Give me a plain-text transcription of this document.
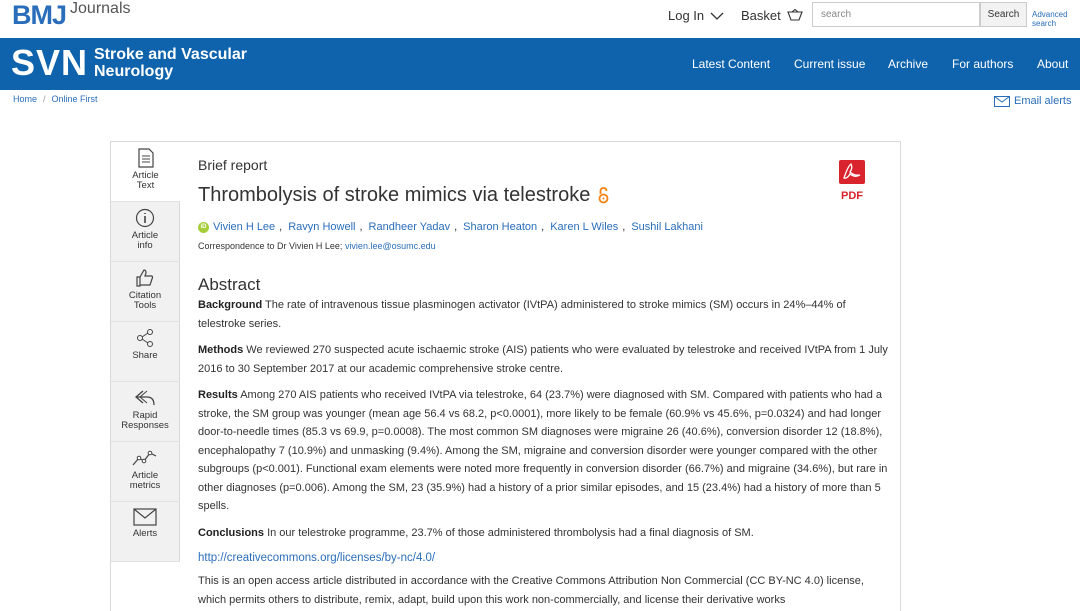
BMJ Journals	Log In	Basket	search	Search	Advanced search
SVN Stroke and Vascular
Neurology	Latest Content Current issue Archive For authors About
Home / Online First	Email alerts
Article
Text
Article
info
Citation
Tools
Share
Rapid
Responses
Article
metrics
Alerts
Brief report
Thrombolysis of stroke mimics via telestroke	PDF
iD Vivien H Lee , Ravyn Howell , Randheer Yadav , Sharon Heaton , Karen L Wiles , Sushil Lakhani
Correspondence to Dr Vivien H Lee; vivien.lee@osumc.edu
Abstract
Background The rate of intravenous tissue plasminogen activator (IVtPA) administered to stroke mimics (SM) occurs in 24%–44% of telestroke series.
Methods We reviewed 270 suspected acute ischaemic stroke (AIS) patients who were evaluated by telestroke and received IVtPA from 1 July 2016 to 30 September 2017 at our academic comprehensive stroke centre.
Results Among 270 AIS patients who received IVtPA via telestroke, 64 (23.7%) were diagnosed with SM. Compared with patients who had a stroke, the SM group was younger (mean age 56.4 vs 68.2, p<0.0001), more likely to be female (60.9% vs 45.6%, p=0.0324) and had longer door-to-needle times (85.3 vs 69.9, p=0.0008). The most common SM diagnoses were migraine 26 (40.6%), conversion disorder 12 (18.8%), encephalopathy 7 (10.9%) and unmasking (9.4%). Among the SM, migraine and conversion disorder were younger compared with the other subgroups (p<0.001). Functional exam elements were noted more frequently in conversion disorder (66.7%) and migraine (34.6%), but rare in other diagnoses (p=0.006). Among the SM, 23 (35.9%) had a history of a prior similar episodes, and 15 (23.4%) had a history of more than 5 spells.
Conclusions In our telestroke programme, 23.7% of those administered thrombolysis had a final diagnosis of SM.
http://creativecommons.org/licenses/by-nc/4.0/
This is an open access article distributed in accordance with the Creative Commons Attribution Non Commercial (CC BY-NC 4.0) license, which permits others to distribute, remix, adapt, build upon this work non-commercially, and license their derivative works
